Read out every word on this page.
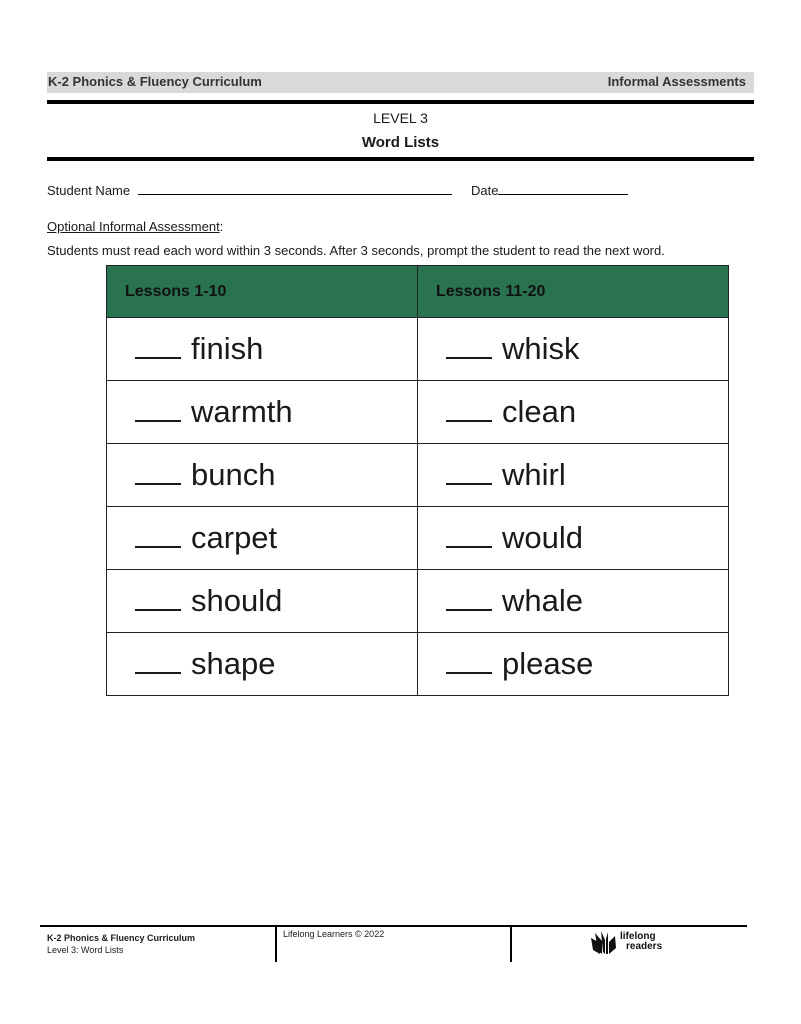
K-2 Phonics & Fluency Curriculum	Informal Assessments
LEVEL 3
Word Lists
Student Name	Date
Optional Informal Assessment:
Students must read each word within 3 seconds. After 3 seconds, prompt the student to read the next word.
Lessons 1-10	Lessons 11-20
finish	whisk
warmth	clean
bunch	whirl
carpet	would
should	whale
shape	please
K-2 Phonics & Fluency Curriculum
Level 3: Word Lists
Lifelong Learners © 2022	lifelong
readers
